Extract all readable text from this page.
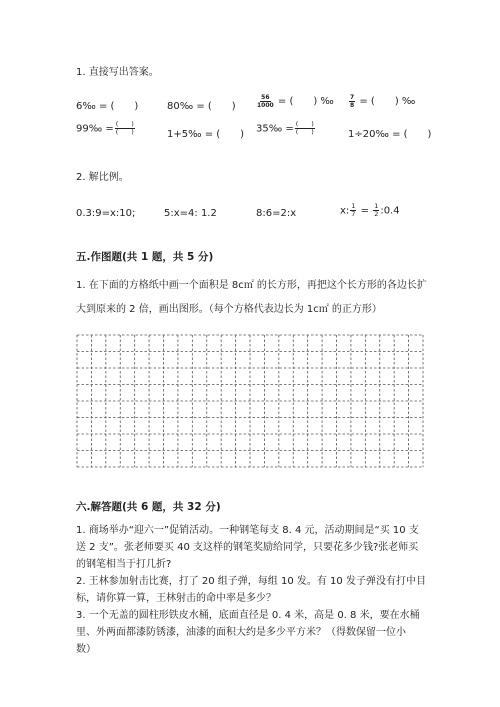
1. 直接写出答案。
6‰ = (　　)	80‰ = (　　)	$\frac{56}{1000}$ = (　　) ‰	$\frac{7}{8}$ = (　　) ‰
99‰ = $\frac{( )}{( )}$	1+5‰ = (　　) 35‰ = $\frac{( )}{( )}$	1÷20‰ = (　　)
2. 解比例。
0.3:9=x:10;	5:x=4: 1.2	8:6=2:x	x: $\frac{1}{7} = \frac{1}{2}$ :0.4
五.作图题(共 1 题，共 5 分)
1. 在下面的方格纸中画一个面积是 8c㎡ 的长方形，再把这个长方形的各边长扩
大到原来的 2 倍，画出图形。（每个方格代表边长为 1c㎡ 的正方形）
六.解答题(共 6 题，共 32 分)
1. 商场举办“迎六一”促销活动。一种钢笔每支 8. 4 元，活动期间是“买 10 支
送 2 支”。张老师要买 40 支这样的钢笔奖励给同学，只要花多少钱?张老师买
的钢笔相当于打几折?
2. 王林参加射击比赛，打了 20 组子弹，每组 10 发。有 10 发子弹没有打中目
标，请你算一算，王林射击的命中率是多少？
3. 一个无盖的圆柱形铁皮水桶，底面直径是 0. 4 米，高是 0. 8 米，要在水桶
里、外两面都漆防锈漆，油漆的面积大约是多少平方米？（得数保留一位小
数）
